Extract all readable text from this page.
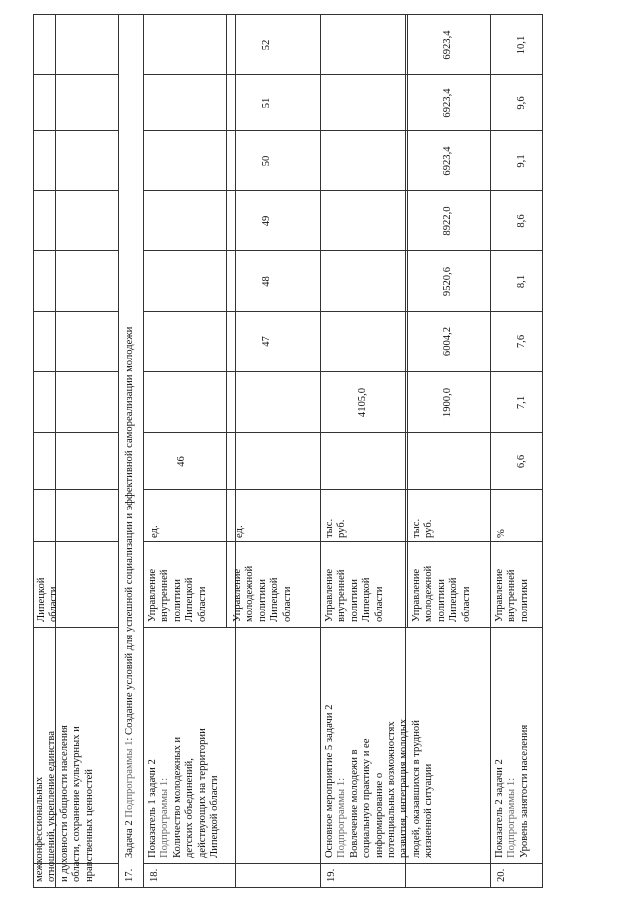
межконфессиональных отношений, укрепление единства и духовности общности населения области, сохранение культурных и нравственных ценностей
Липецкой области
17.
Задача 2 Подпрограммы 1: Создание условий для успешной социализации и эффективной самореализации молодежи
18.
Показатель 1 задачи 2 Подпрограммы 1: Количество молодежных и детских объединений, действующих на территории Липецкой области
Управление внутренней политики Липецкой области
ед.
46
Управление молодежной политики Липецкой области
ед.
47
48
49
50
51
52
19.
Основное мероприятие 5 задачи 2 Подпрограммы 1: Вовлечение молодежи в социальную практику и ее информирование о потенциальных возможностях развития, интеграция молодых людей, оказавшихся в трудной жизненной ситуации
Управление внутренней политики Липецкой области
тыс. руб.
4105,0
Управление молодежной политики Липецкой области
тыс. руб.
1900,0
6004,2
9520,6
8922,0
6923,4
6923,4
6923,4
20.
Показатель 2 задачи 2 Подпрограммы 1: Уровень занятости населения
Управление внутренней политики
%
6,6
7,1
7,6
8,1
8,6
9,1
9,6
10,1
